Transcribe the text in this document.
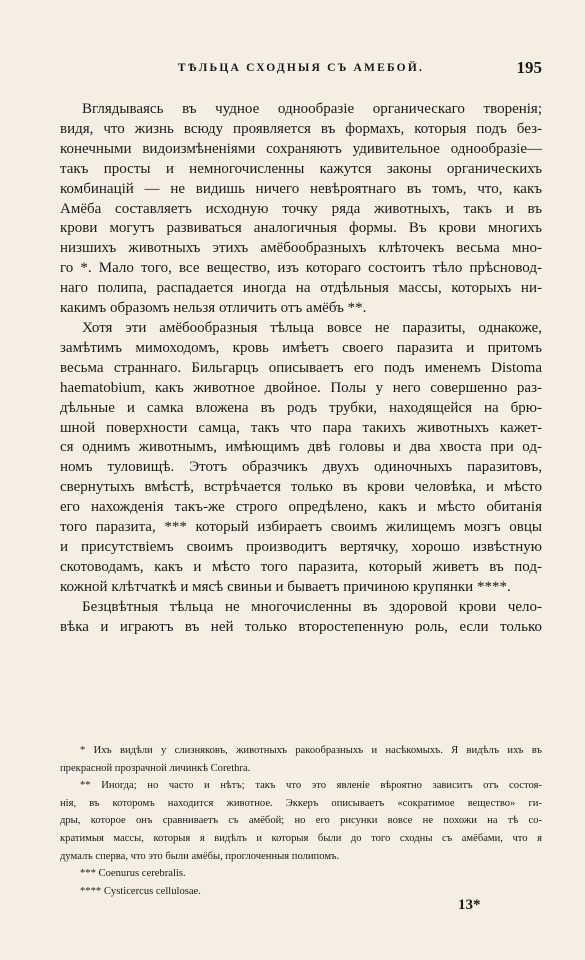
ТѢЛЬЦА СХОДНЫЯ СЪ АМЕБОЙ.	195
Вглядываясь въ чудное однообразіе органическаго творенія;
видя, что жизнь всюду проявляется въ формахъ, которыя подъ без-
конечными видоизмѣненіями сохраняютъ удивительное однообразіе—
такъ просты и немногочисленны кажутся законы органическихъ
комбинацій — не видишь ничего невѣроятнаго въ томъ, что, какъ
Амёба составляетъ исходную точку ряда животныхъ, такъ и въ
крови могутъ развиваться аналогичныя формы. Въ крови многихъ
низшихъ животныхъ этихъ амёбообразныхъ клѣточекъ весьма мно-
го *. Мало того, все вещество, изъ котораго состоитъ тѣло прѣсновод-
наго полипа, распадается иногда на отдѣльныя массы, которыхъ ни-
какимъ образомъ нельзя отличить отъ амёбъ **.
Хотя эти амёбообразныя тѣльца вовсе не паразиты, однакоже,
замѣтимъ мимоходомъ, кровь имѣетъ своего паразита и притомъ
весьма страннаго. Бильгарцъ описываетъ его подъ именемъ Distoma
haematobium, какъ животное двойное. Полы у него совершенно раз-
дѣльные и самка вложена въ родъ трубки, находящейся на брю-
шной поверхности самца, такъ что пара такихъ животныхъ кажет-
ся однимъ животнымъ, имѣющимъ двѣ головы и два хвоста при од-
номъ туловищѣ. Этотъ образчикъ двухъ одиночныхъ паразитовъ,
свернутыхъ вмѣстѣ, встрѣчается только въ крови человѣка, и мѣсто
его нахожденія такъ-же строго опредѣлено, какъ и мѣсто обитанія
того паразита, *** который избираетъ своимъ жилищемъ мозгъ овцы
и присутствіемъ своимъ производитъ вертячку, хорошо извѣстную
скотоводамъ, какъ и мѣсто того паразита, который живетъ въ под-
кожной клѣтчаткѣ и мясѣ свиньи и бываетъ причиною крупянки ****.
Безцвѣтныя тѣльца не многочисленны въ здоровой крови чело-
вѣка и играютъ въ ней только второстепенную роль, если только
* Ихъ видѣли у слизняковъ, животныхъ ракообразныхъ и насѣкомыхъ. Я видѣлъ ихъ въ
прекрасной прозрачной личинкѣ Corethra.
** Иногда; но часто и нѣтъ; такъ что это явленіе вѣроятно зависитъ отъ состоя-
нія, въ которомъ находится животное. Эккеръ описываетъ «сократимое вещество» ги-
дры, которое онъ сравниваетъ съ амёбой; но его рисунки вовсе не похожи на тѣ со-
кратимыя массы, которыя я видѣлъ и которыя были до того сходны съ амёбами, что я
думалъ сперва, что это были амёбы, проглоченныя полипомъ.
*** Coenurus cerebralis.
**** Cysticercus cellulosae.
13*
